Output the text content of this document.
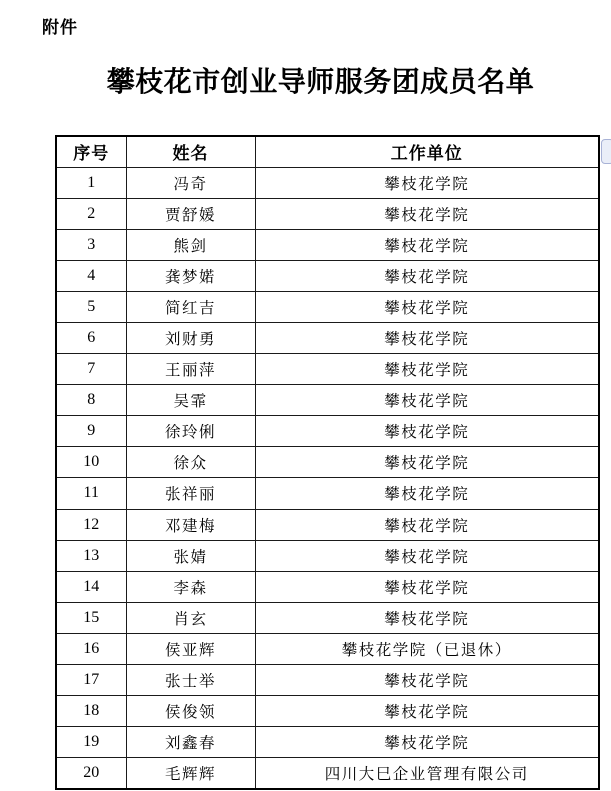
附件
攀枝花市创业导师服务团成员名单
序号	姓名	工作单位
1	冯奇	攀枝花学院
2	贾舒媛	攀枝花学院
3	熊剑	攀枝花学院
4	龚梦婼	攀枝花学院
5	简红吉	攀枝花学院
6	刘财勇	攀枝花学院
7	王丽萍	攀枝花学院
8	吴霏	攀枝花学院
9	徐玲俐	攀枝花学院
10	徐众	攀枝花学院
11	张祥丽	攀枝花学院
12	邓建梅	攀枝花学院
13	张婧	攀枝花学院
14	李森	攀枝花学院
15	肖玄	攀枝花学院
16	侯亚辉	攀枝花学院（已退休）
17	张士举	攀枝花学院
18	侯俊领	攀枝花学院
19	刘鑫春	攀枝花学院
20	毛辉辉	四川大巳企业管理有限公司
